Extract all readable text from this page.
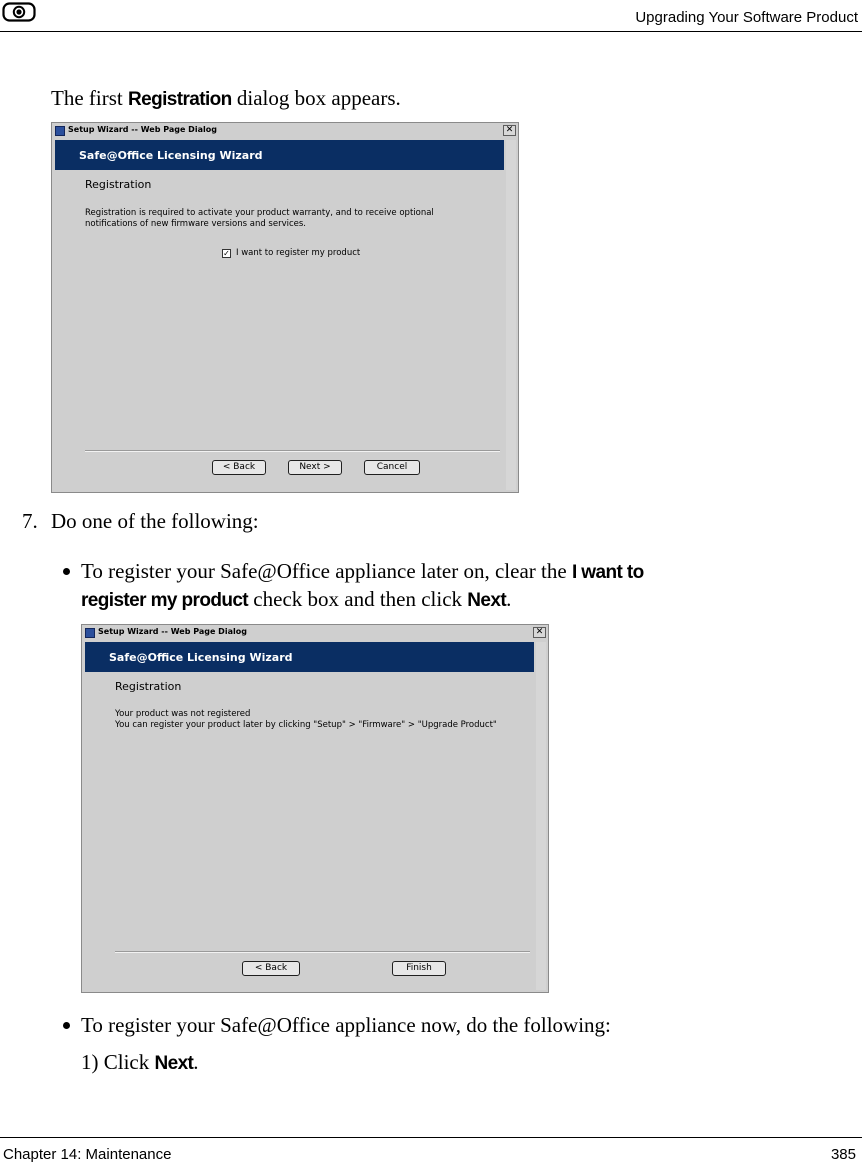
Upgrading Your Software Product
The first Registration dialog box appears.
Setup Wizard -- Web Page Dialog	✕
Safe@Office Licensing Wizard
Registration
Registration is required to activate your product warranty, and to receive optional
notifications of new firmware versions and services.
✓ I want to register my product
< Back	Next >	Cancel
7. Do one of the following:
To register your Safe@Office appliance later on, clear the I want to
register my product check box and then click Next.
Setup Wizard -- Web Page Dialog	✕
Safe@Office Licensing Wizard
Registration
Your product was not registered
You can register your product later by clicking "Setup" > "Firmware" > "Upgrade Product"
< Back	Finish
To register your Safe@Office appliance now, do the following:
1) Click Next.
Chapter 14: Maintenance	385
